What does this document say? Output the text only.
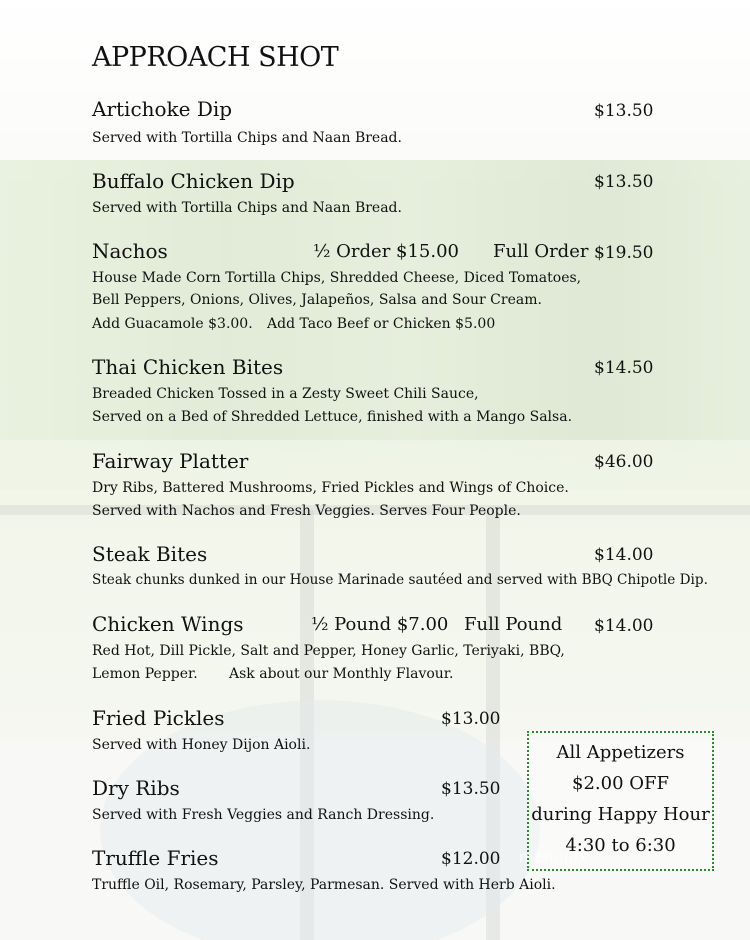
APPROACH SHOT
Artichoke Dip	$13.50
Served with Tortilla Chips and Naan Bread.
Buffalo Chicken Dip	$13.50
Served with Tortilla Chips and Naan Bread.
Nachos	½ Order $15.00 Full Order $19.50
House Made Corn Tortilla Chips, Shredded Cheese, Diced Tomatoes,
Bell Peppers, Onions, Olives, Jalapeños, Salsa and Sour Cream.
Add Guacamole $3.00. Add Taco Beef or Chicken $5.00
Thai Chicken Bites	$14.50
Breaded Chicken Tossed in a Zesty Sweet Chili Sauce,
Served on a Bed of Shredded Lettuce, finished with a Mango Salsa.
Fairway Platter	$46.00
Dry Ribs, Battered Mushrooms, Fried Pickles and Wings of Choice.
Served with Nachos and Fresh Veggies. Serves Four People.
Steak Bites	$14.00
Steak chunks dunked in our House Marinade sautéed and served with BBQ Chipotle Dip.
Chicken Wings	½ Pound $7.00 Full Pound $14.00
Red Hot, Dill Pickle, Salt and Pepper, Honey Garlic, Teriyaki, BBQ,
Lemon Pepper. Ask about our Monthly Flavour.
Fried Pickles	$13.00
Served with Honey Dijon Aioli.
Dry Ribs	$13.50
Served with Fresh Veggies and Ranch Dressing.
Truffle Fries	$12.00
Truffle Oil, Rosemary, Parsley, Parmesan. Served with Herb Aioli.
All Appetizers
$2.00 OFF
during Happy Hour
4:30 to 6:30
menupix
